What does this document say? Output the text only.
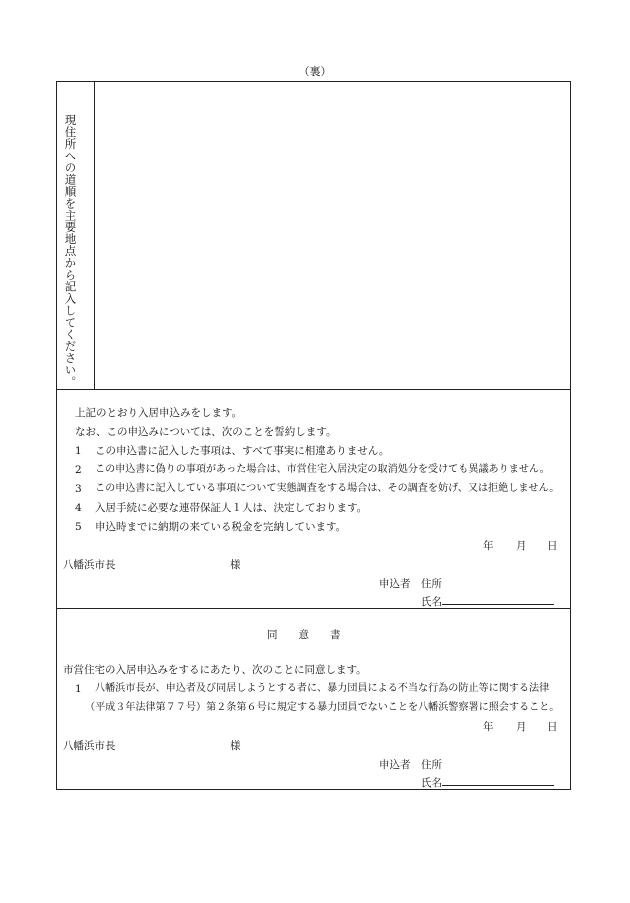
（裏）
現住所への道順を主要地点から記入してください。
上記のとおり入居申込みをします。
なお、この申込みについては、次のことを誓約します。
1 この申込書に記入した事項は、すべて事実に相違ありません。
2 この申込書に偽りの事項があった場合は、市営住宅入居決定の取消処分を受けても異議ありません。
3 この申込書に記入している事項について実態調査をする場合は、その調査を妨げ、又は拒絶しません。
4 入居手続に必要な連帯保証人１人は、決定しております。
5 申込時までに納期の来ている税金を完納しています。
年 月 日
八幡浜市長	様
申込者 住所
氏名
同　　意　　書
市営住宅の入居申込みをするにあたり、次のことに同意します。
1 八幡浜市長が、申込者及び同居しようとする者に、暴力団員による不当な行為の防止等に関する法律
（平成３年法律第７７号）第２条第６号に規定する暴力団員でないことを八幡浜警察署に照会すること。
年 月 日
八幡浜市長	様
申込者 住所
氏名
